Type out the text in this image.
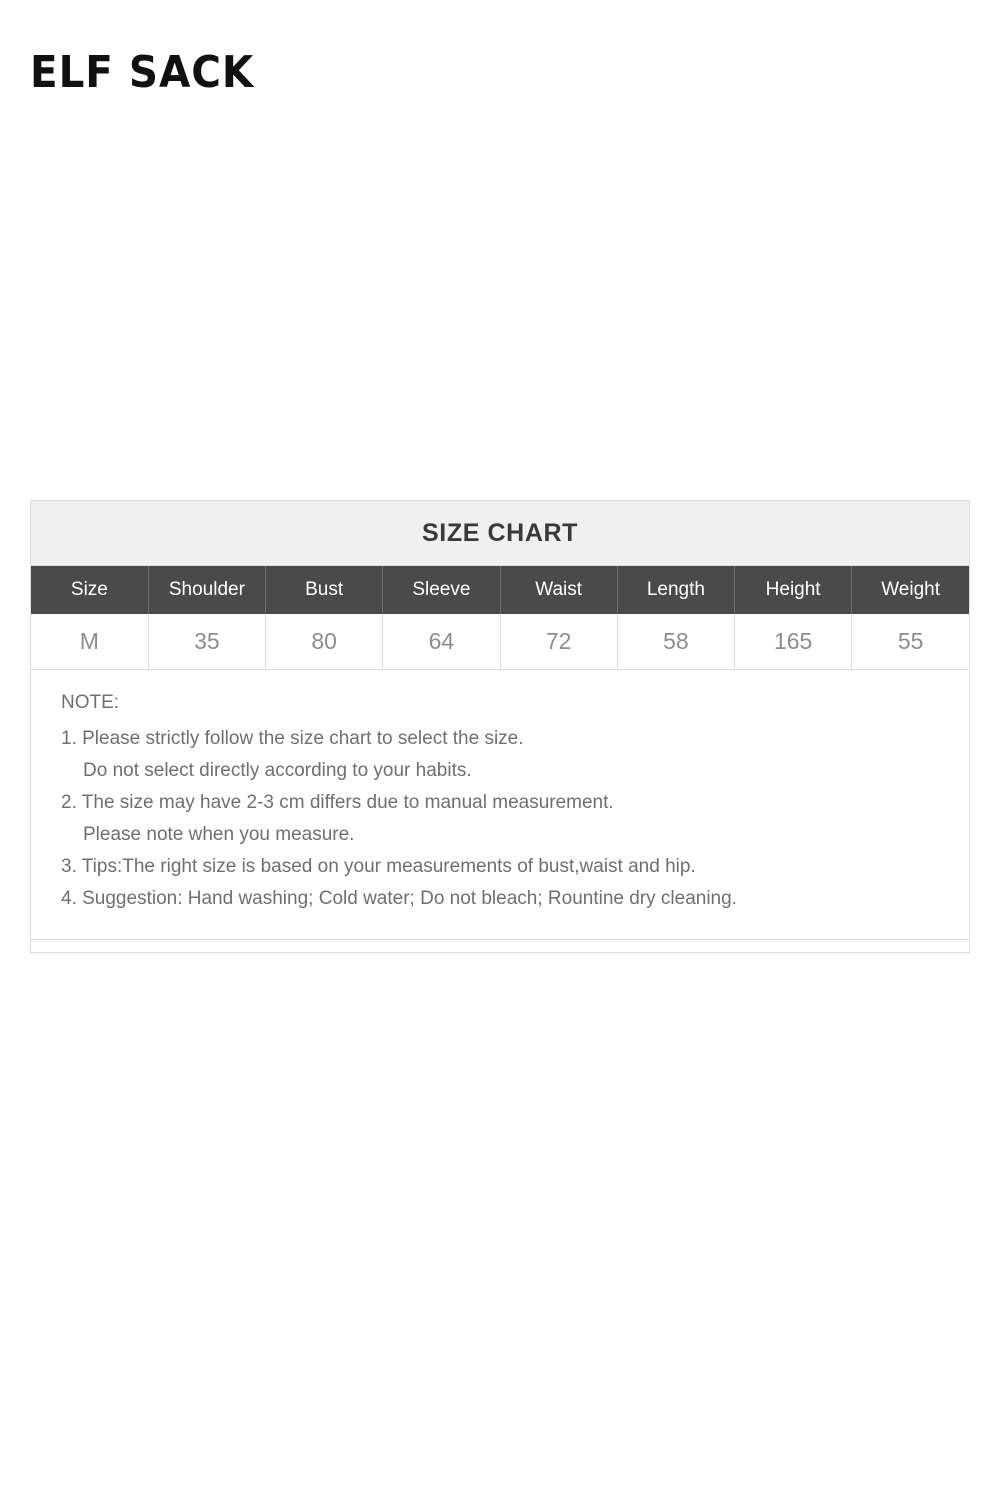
ELF SACK
SIZE CHART
Size	Shoulder	Bust	Sleeve	Waist	Length	Height	Weight
M	35	80	64	72	58	165	55
NOTE:
1. Please strictly follow the size chart to select the size.
Do not select directly according to your habits.
2. The size may have 2-3 cm differs due to manual measurement.
Please note when you measure.
3. Tips:The right size is based on your measurements of bust,waist and hip.
4. Suggestion: Hand washing; Cold water; Do not bleach; Rountine dry cleaning.
